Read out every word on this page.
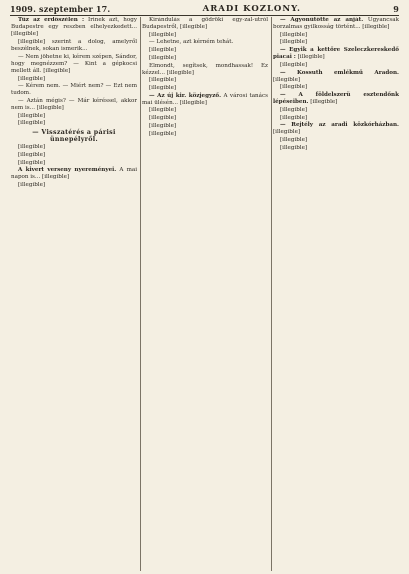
1909. szeptember 17.	ARADI KOZLONY.	9

Tüz az erdöszélen : Irinek azt, hogy Budapestre egy reszben elhelyezkedett... [illegible]

[illegible] szerint a dolog, amelyről beszélnek, sokan ismerik...

— Nem jöhetne ki, kérem szépen, Sándor, hogy megnézzem? — Kint a gépkocsi mellett áll. [illegible]

[illegible]

— Kérem nem. — Miért nem? — Ezt nem tudom.

— Aztán mégis? — Már kéréssel, akkor nem is... [illegible]

[illegible]

[illegible]

— Visszatérés a párisi ünnepélyről.

[illegible]

[illegible]

[illegible]

A kivert verseny nyereményei. A mai napon is... [illegible]

[illegible]

Kirándulás a gödröki egy-zal-utról Budapestről, [illegible]

[illegible]

— Lehetne, azt kérném tehát.

[illegible]

[illegible]

Elmondt, segítsek, mondhassak! Ez kézzel... [illegible]

[illegible]

[illegible]

— Az új kir. közjegyző. A városi tanács mai ülésén... [illegible]

[illegible]

[illegible]

[illegible]

[illegible]

— Agyonütötte az anját. Ugyancsak borzalmas gyilkosság történt... [illegible]

[illegible]

[illegible]

— Egyik a kettőre Szeleczkereskedő piacai : [illegible]

[illegible]

— Kossuth emlékmű Aradon. [illegible]

[illegible]

— A földelszerü esztendőnk lépéseiben. [illegible]

[illegible]

[illegible]

— Rejtély az aradi közkórházban. [illegible]

[illegible]

[illegible]
